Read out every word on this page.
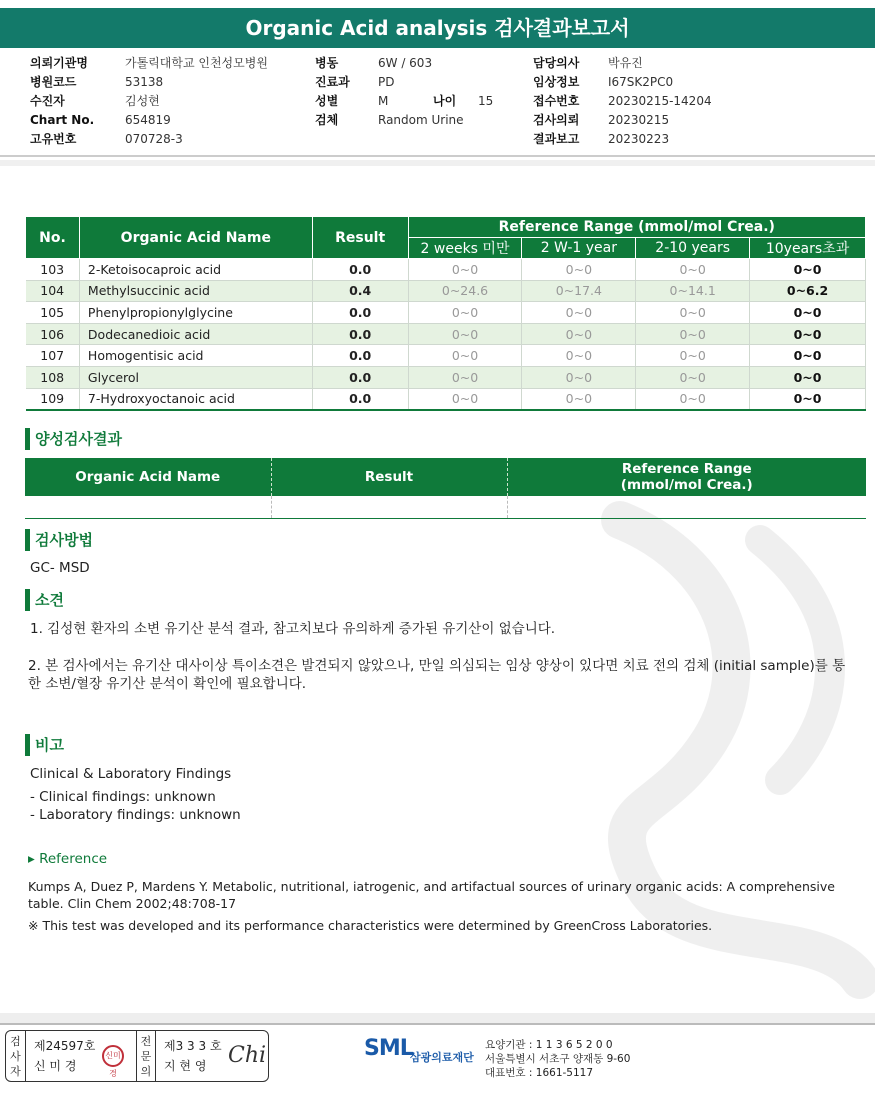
Organic Acid analysis 검사결과보고서
의뢰기관명	가톨릭대학교 인천성모병원
병원코드	53138
수진자	김성현
Chart No.	654819
고유번호	070728-3
병동	6W / 603
진료과 PD
성별	M	나이 15
검체	Random Urine
담당의사 박유진
임상정보 I67SK2PC0
접수번호 20230215-14204
검사의뢰 20230215
결과보고 20230223
No.	Organic Acid Name	Result	Reference Range (mmol/mol Crea.)			
			2 weeks 미만	2 W-1 year	2-10 years	10years초과
103	2-Ketoisocaproic acid	0.0	0~0	0~0	0~0	0~0
104	Methylsuccinic acid	0.4	0~24.6	0~17.4	0~14.1	0~6.2
105	Phenylpropionylglycine	0.0	0~0	0~0	0~0	0~0
106	Dodecanedioic acid	0.0	0~0	0~0	0~0	0~0
107	Homogentisic acid	0.0	0~0	0~0	0~0	0~0
108	Glycerol	0.0	0~0	0~0	0~0	0~0
109	7-Hydroxyoctanoic acid	0.0	0~0	0~0	0~0	0~0
양성검사결과
Organic Acid Name	Result	Reference Range
(mmol/mol Crea.)

검사방법
GC- MSD
소견
1. 김성현 환자의 소변 유기산 분석 결과, 참고치보다 유의하게 증가된 유기산이 없습니다.
2. 본 검사에서는 유기산 대사이상 특이소견은 발견되지 않았으나, 만일 의심되는 임상 양상이 있다면 치료 전의 검체 (initial sample)를 통한 소변/혈장 유기산 분석이 확인에 필요합니다.
비고
Clinical & Laboratory Findings
- Clinical findings: unknown
- Laboratory findings: unknown
▸ Reference
Kumps A, Duez P, Mardens Y. Metabolic, nutritional, iatrogenic, and artifactual sources of urinary organic acids: A comprehensive table. Clin Chem 2002;48:708-17
※ This test was developed and its performance characteristics were determined by GreenCross Laboratories.
검사자
제24597호
신 미 경
신미경
전문의
제3 3 3 호
지 현 영 Chi	SML
삼광의료재단
요양기관 : 1 1 3 6 5 2 0 0
서울특별시 서초구 양재동 9-60
대표번호 : 1661-5117
